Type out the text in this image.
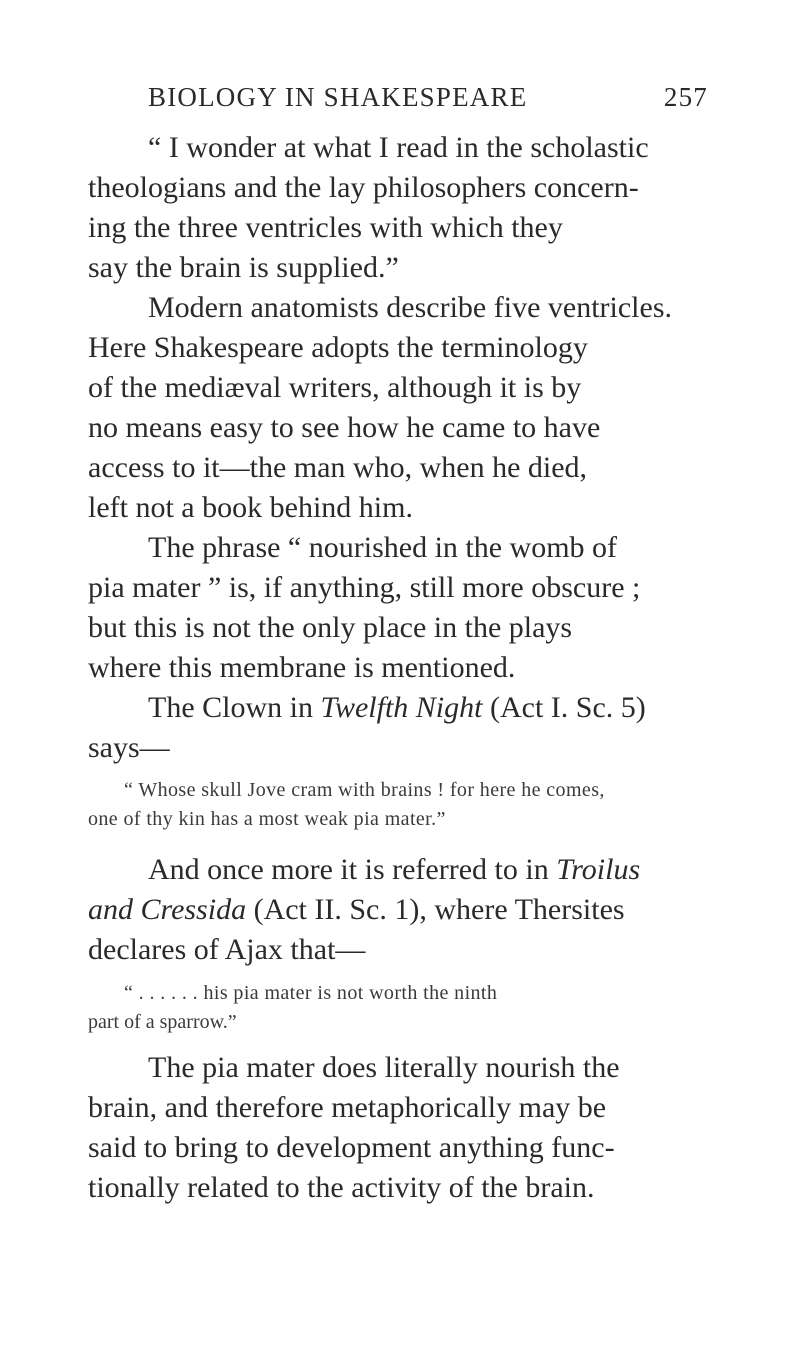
BIOLOGY IN SHAKESPEARE	257
“ I wonder at what I read in the scholastic
theologians and the lay philosophers concern-
ing the three ventricles with which they
say the brain is supplied.”
Modern anatomists describe five ventricles.
Here Shakespeare adopts the terminology
of the mediæval writers, although it is by
no means easy to see how he came to have
access to it—the man who, when he died,
left not a book behind him.
The phrase “ nourished in the womb of
pia mater ” is, if anything, still more obscure ;
but this is not the only place in the plays
where this membrane is mentioned.
The Clown in Twelfth Night (Act I. Sc. 5)
says—
“ Whose skull Jove cram with brains ! for here he comes,
one of thy kin has a most weak pia mater.”
And once more it is referred to in Troilus
and Cressida (Act II. Sc. 1), where Thersites
declares of Ajax that—
“ . . . . . . his pia mater is not worth the ninth
part of a sparrow.”
The pia mater does literally nourish the
brain, and therefore metaphorically may be
said to bring to development anything func-
tionally related to the activity of the brain.
